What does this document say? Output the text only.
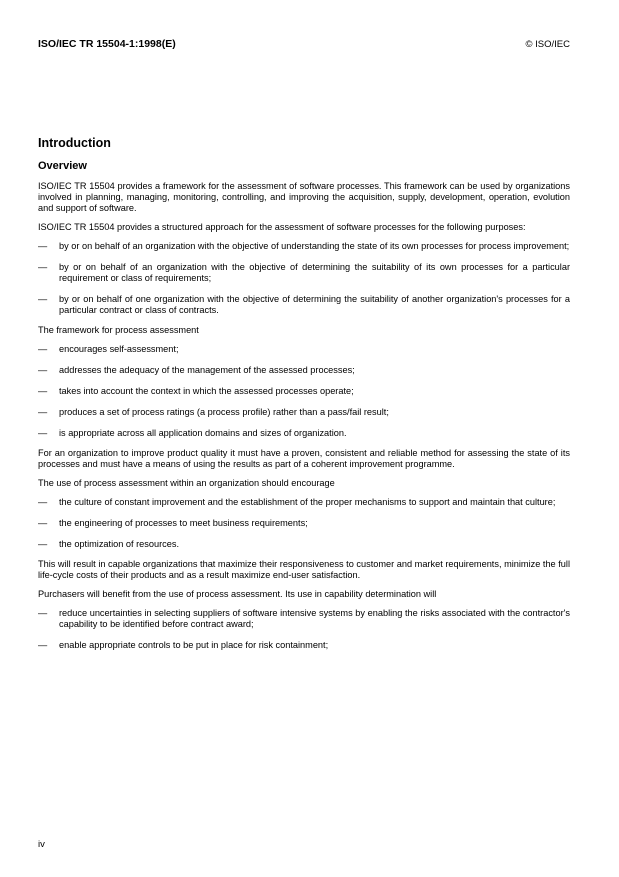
ISO/IEC TR 15504-1:1998(E)	© ISO/IEC
Introduction
Overview

ISO/IEC TR 15504 provides a framework for the assessment of software processes. This framework can be used by organizations involved in planning, managing, monitoring, controlling, and improving the acquisition, supply, development, operation, evolution and support of software.

ISO/IEC TR 15504 provides a structured approach for the assessment of software processes for the following purposes:

— by or on behalf of an organization with the objective of understanding the state of its own processes for process improvement;
— by or on behalf of an organization with the objective of determining the suitability of its own processes for a particular requirement or class of requirements;
— by or on behalf of one organization with the objective of determining the suitability of another organization's processes for a particular contract or class of contracts.

The framework for process assessment

— encourages self-assessment;
— addresses the adequacy of the management of the assessed processes;
— takes into account the context in which the assessed processes operate;
— produces a set of process ratings (a process profile) rather than a pass/fail result;
— is appropriate across all application domains and sizes of organization.

For an organization to improve product quality it must have a proven, consistent and reliable method for assessing the state of its processes and must have a means of using the results as part of a coherent improvement programme.

The use of process assessment within an organization should encourage

— the culture of constant improvement and the establishment of the proper mechanisms to support and maintain that culture;
— the engineering of processes to meet business requirements;
— the optimization of resources.

This will result in capable organizations that maximize their responsiveness to customer and market requirements, minimize the full life-cycle costs of their products and as a result maximize end-user satisfaction.

Purchasers will benefit from the use of process assessment. Its use in capability determination will

— reduce uncertainties in selecting suppliers of software intensive systems by enabling the risks associated with the contractor's capability to be identified before contract award;
— enable appropriate controls to be put in place for risk containment;
iv
